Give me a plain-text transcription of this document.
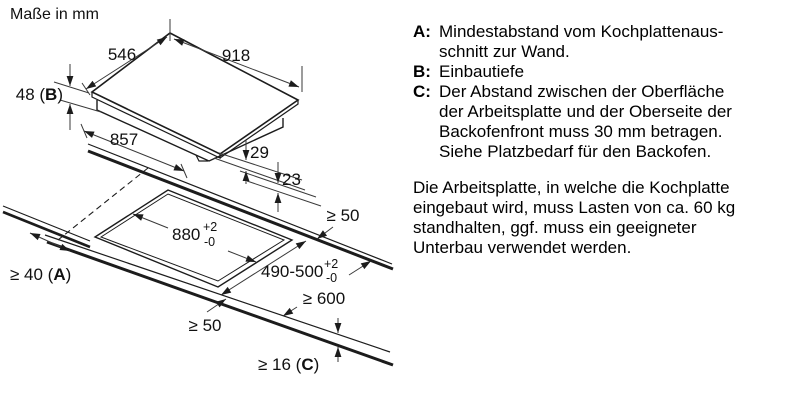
Maße in mm
546	918
48 (B)
857
29
23
880 +2
-0
490-500 +2
-0
≥ 50
≥ 600
≥ 50
≥ 40 (A)
≥ 16 (C)
A: Mindestabstand vom Kochplattenaus-
schnitt zur Wand.
B: Einbautiefe
C: Der Abstand zwischen der Oberfläche
der Arbeitsplatte und der Oberseite der
Backofenfront muss 30 mm betragen.
Siehe Platzbedarf für den Backofen.
Die Arbeitsplatte, in welche die Kochplatte
eingebaut wird, muss Lasten von ca. 60 kg
standhalten, ggf. muss ein geeigneter
Unterbau verwendet werden.
